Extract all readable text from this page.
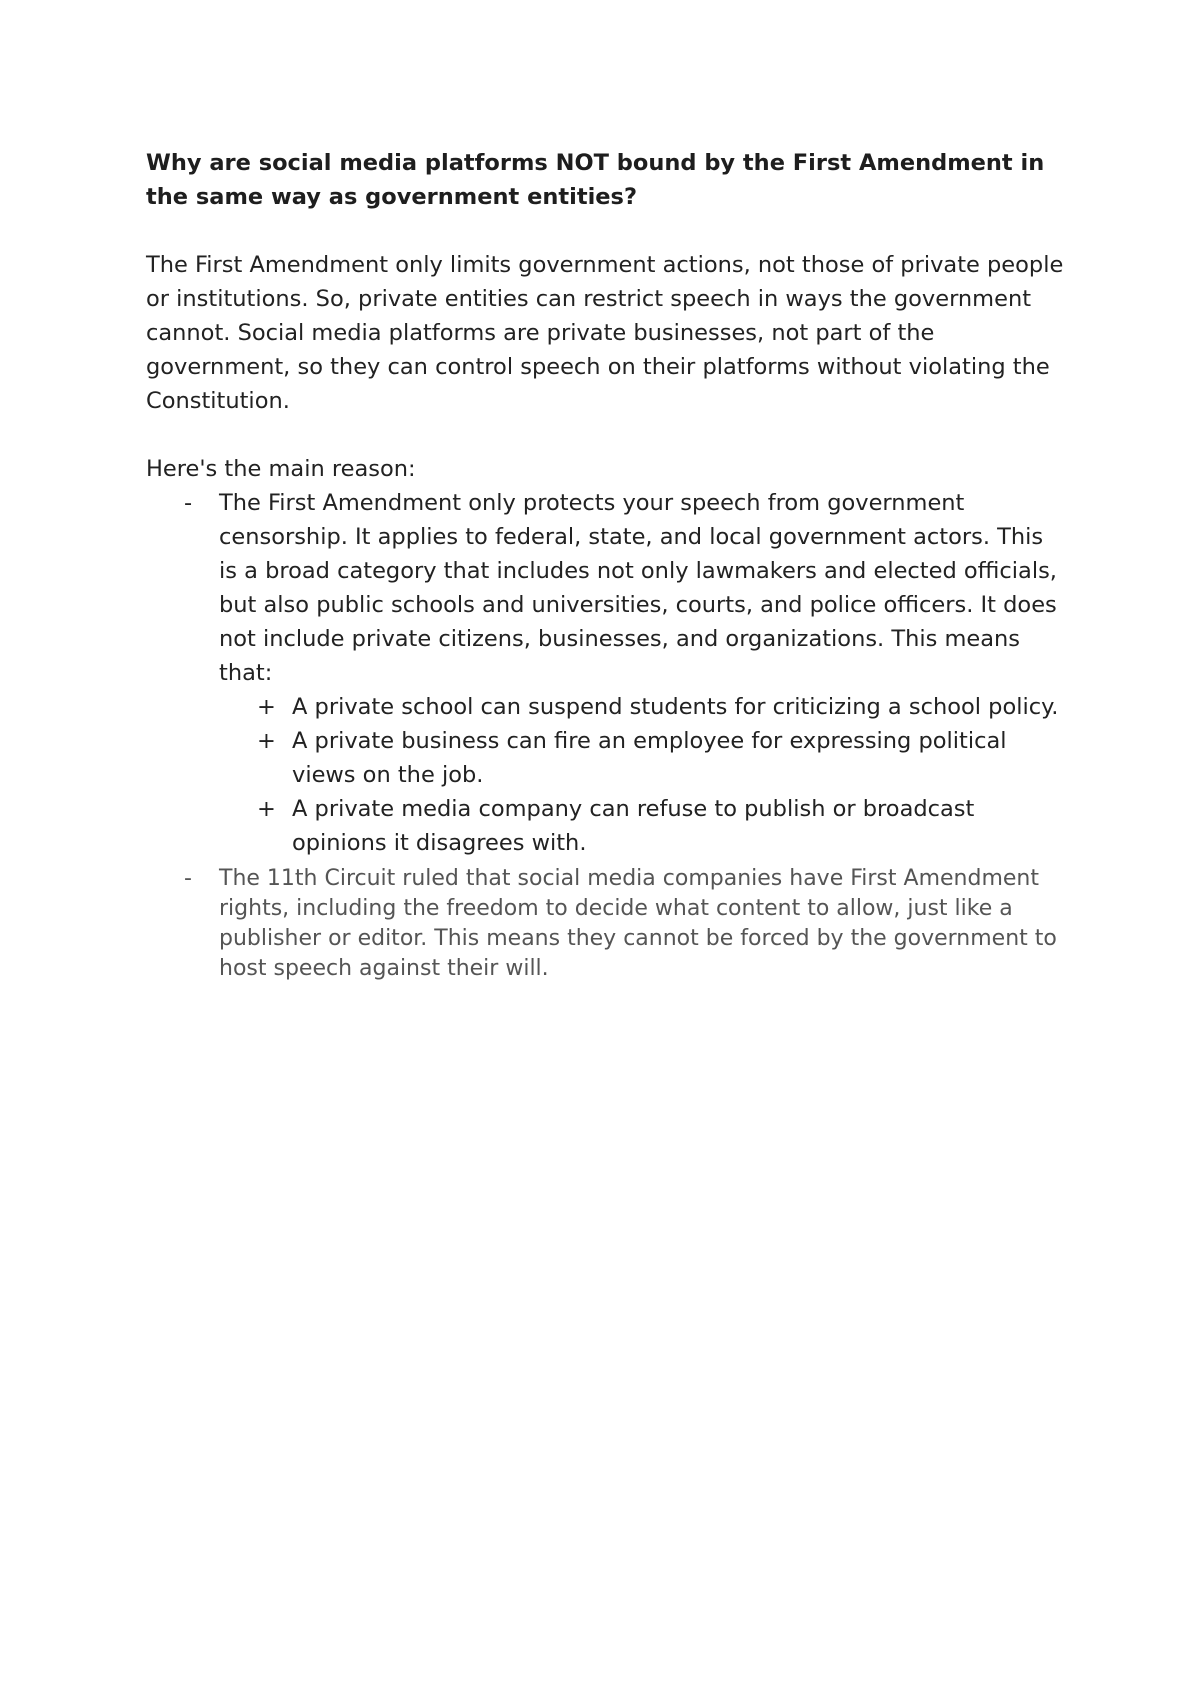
Why are social media platforms NOT bound by the First Amendment in the same way as government entities?

The First Amendment only limits government actions, not those of private people or institutions. So, private entities can restrict speech in ways the government cannot. Social media platforms are private businesses, not part of the government, so they can control speech on their platforms without violating the Constitution.

Here's the main reason:

- The First Amendment only protects your speech from government censorship. It applies to federal, state, and local government actors. This is a broad category that includes not only lawmakers and elected officials, but also public schools and universities, courts, and police officers. It does not include private citizens, businesses, and organizations. This means that:
+ A private school can suspend students for criticizing a school policy.
+ A private business can fire an employee for expressing political views on the job.
+ A private media company can refuse to publish or broadcast opinions it disagrees with.
- The 11th Circuit ruled that social media companies have First Amendment rights, including the freedom to decide what content to allow, just like a publisher or editor. This means they cannot be forced by the government to host speech against their will.
